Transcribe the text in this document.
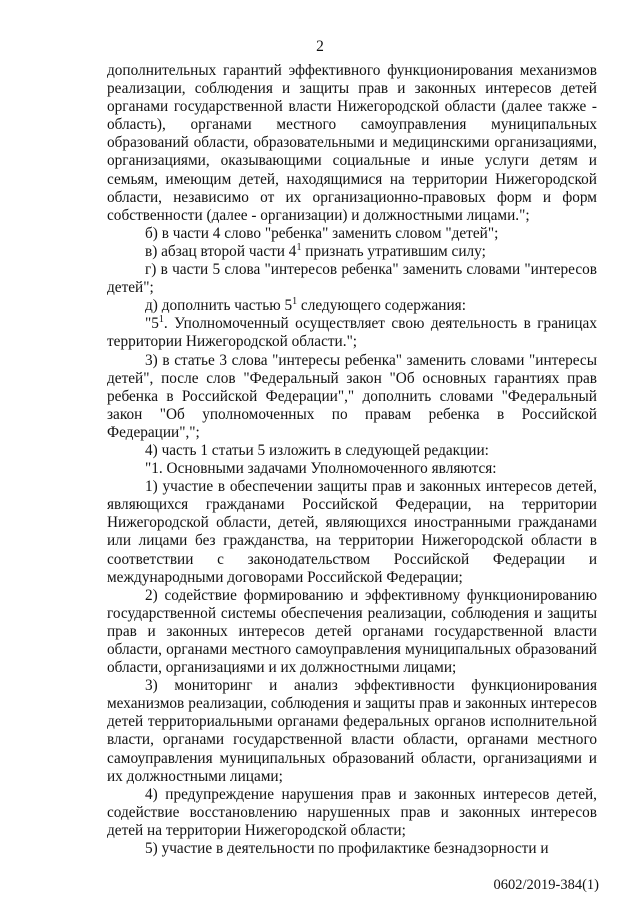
2

дополнительных гарантий эффективного функционирования механизмов реализации, соблюдения и защиты прав и законных интересов детей органами государственной власти Нижегородской области (далее также - область), органами местного самоуправления муниципальных образований области, образовательными и медицинскими организациями, организациями, оказывающими социальные и иные услуги детям и семьям, имеющим детей, находящимися на территории Нижегородской области, независимо от их организационно-правовых форм и форм собственности (далее - организации) и должностными лицами.";

б) в части 4 слово "ребенка" заменить словом "детей";

в) абзац второй части $4^1$ признать утратившим силу;

г) в части 5 слова "интересов ребенка" заменить словами "интересов детей";

д) дополнить частью $5^1$ следующего содержания:

"$5^1$. Уполномоченный осуществляет свою деятельность в границах территории Нижегородской области.";

3) в статье 3 слова "интересы ребенка" заменить словами "интересы детей", после слов "Федеральный закон "Об основных гарантиях прав ребенка в Российской Федерации"," дополнить словами "Федеральный закон "Об уполномоченных по правам ребенка в Российской Федерации",";

4) часть 1 статьи 5 изложить в следующей редакции:

"1. Основными задачами Уполномоченного являются:

1) участие в обеспечении защиты прав и законных интересов детей, являющихся гражданами Российской Федерации, на территории Нижегородской области, детей, являющихся иностранными гражданами или лицами без гражданства, на территории Нижегородской области в соответствии с законодательством Российской Федерации и международными договорами Российской Федерации;

2) содействие формированию и эффективному функционированию государственной системы обеспечения реализации, соблюдения и защиты прав и законных интересов детей органами государственной власти области, органами местного самоуправления муниципальных образований области, организациями и их должностными лицами;

3) мониторинг и анализ эффективности функционирования механизмов реализации, соблюдения и защиты прав и законных интересов детей территориальными органами федеральных органов исполнительной власти, органами государственной власти области, органами местного самоуправления муниципальных образований области, организациями и их должностными лицами;

4) предупреждение нарушения прав и законных интересов детей, содействие восстановлению нарушенных прав и законных интересов детей на территории Нижегородской области;

5) участие в деятельности по профилактике безнадзорности и

0602/2019-384(1)
